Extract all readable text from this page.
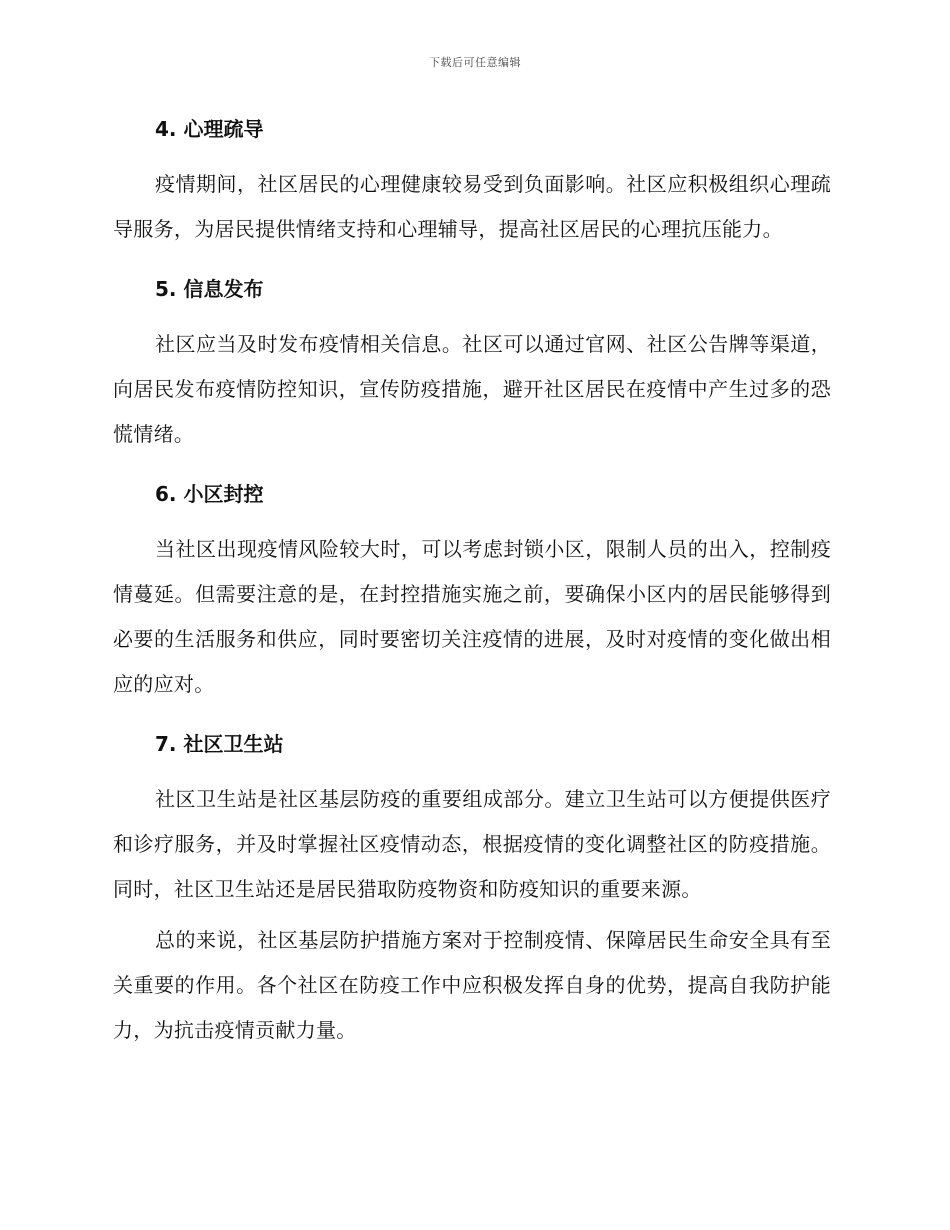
下载后可任意编辑

4. 心理疏导

疫情期间，社区居民的心理健康较易受到负面影响。社区应积极组织心理疏导服务，为居民提供情绪支持和心理辅导，提高社区居民的心理抗压能力。

5. 信息发布

社区应当及时发布疫情相关信息。社区可以通过官网、社区公告牌等渠道，向居民发布疫情防控知识，宣传防疫措施，避开社区居民在疫情中产生过多的恐慌情绪。

6. 小区封控

当社区出现疫情风险较大时，可以考虑封锁小区，限制人员的出入，控制疫情蔓延。但需要注意的是，在封控措施实施之前，要确保小区内的居民能够得到必要的生活服务和供应，同时要密切关注疫情的进展，及时对疫情的变化做出相应的应对。

7. 社区卫生站

社区卫生站是社区基层防疫的重要组成部分。建立卫生站可以方便提供医疗和诊疗服务，并及时掌握社区疫情动态，根据疫情的变化调整社区的防疫措施。同时，社区卫生站还是居民猎取防疫物资和防疫知识的重要来源。

总的来说，社区基层防护措施方案对于控制疫情、保障居民生命安全具有至关重要的作用。各个社区在防疫工作中应积极发挥自身的优势，提高自我防护能力，为抗击疫情贡献力量。
